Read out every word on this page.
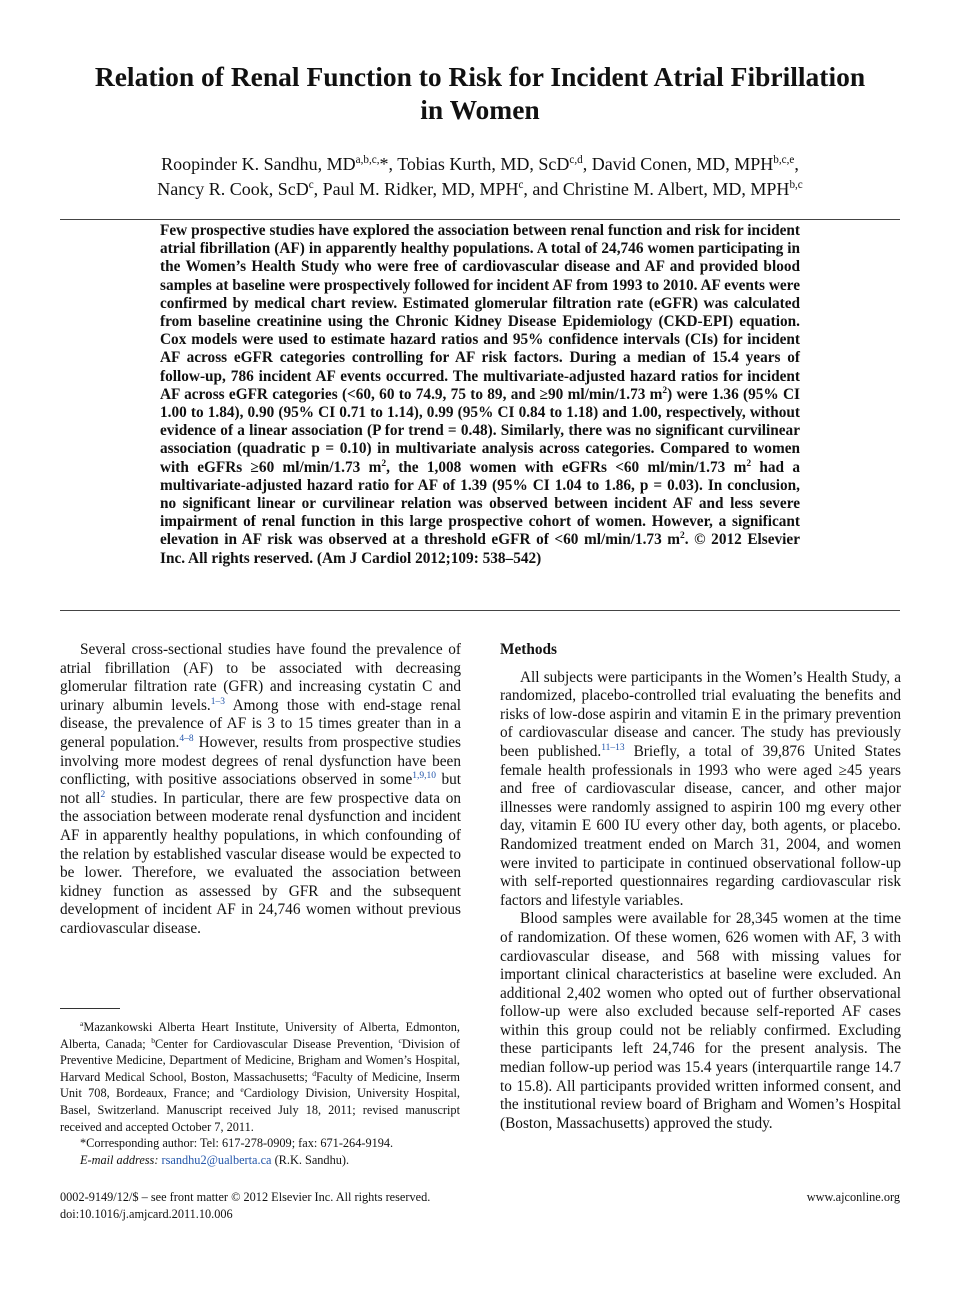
Relation of Renal Function to Risk for Incident Atrial Fibrillation
in Women
Roopinder K. Sandhu, $MD^{a,b,c,}*$, Tobias Kurth, MD, ScD$^{c,d}$, David Conen, MD, MPH$^{b,c,e}$,
Nancy R. Cook, ScD$^c$, Paul M. Ridker, MD, MPH$^c$, and Christine M. Albert, MD, MPH$^{b,c}$
Few prospective studies have explored the association between renal function and risk for incident atrial fibrillation (AF) in apparently healthy populations. A total of 24,746 women participating in the Women’s Health Study who were free of cardiovascular disease and AF and provided blood samples at baseline were prospectively followed for incident AF from 1993 to 2010. AF events were confirmed by medical chart review. Estimated glomerular filtration rate (eGFR) was calculated from baseline creatinine using the Chronic Kidney Disease Epidemiology (CKD-EPI) equation. Cox models were used to estimate hazard ratios and 95% confidence intervals (CIs) for incident AF across eGFR categories controlling for AF risk factors. During a median of 15.4 years of follow-up, 786 incident AF events occurred. The multivariate-adjusted hazard ratios for incident AF across eGFR categories (<60, 60 to 74.9, 75 to 89, and ≥90 ml/min/1.73 $m^2$) were 1.36 (95% CI 1.00 to 1.84), 0.90 (95% CI 0.71 to 1.14), 0.99 (95% CI 0.84 to 1.18) and 1.00, respectively, without evidence of a linear association (P for trend = 0.48). Similarly, there was no significant curvilinear association (quadratic p = 0.10) in multivariate analysis across categories. Compared to women with eGFRs ≥60 ml/min/1.73 $m^2$, the 1,008 women with eGFRs <60 ml/min/1.73 $m^2$ had a multivariate-adjusted hazard ratio for AF of 1.39 (95% CI 1.04 to 1.86, p = 0.03). In conclusion, no significant linear or curvilinear relation was observed between incident AF and less severe impairment of renal function in this large prospective cohort of women. However, a significant elevation in AF risk was observed at a threshold eGFR of <60 ml/min/1.73 $m^2$. © 2012 Elsevier Inc. All rights reserved. (Am J Cardiol 2012;109: 538–542)

Several cross-sectional studies have found the prevalence of atrial fibrillation (AF) to be associated with decreasing glomerular filtration rate (GFR) and increasing cystatin C and urinary albumin levels.$^{1-3}$ Among those with end-stage renal disease, the prevalence of AF is 3 to 15 times greater than in a general population.$^{4-8}$ However, results from prospective studies involving more modest degrees of renal dysfunction have been conflicting, with positive associations observed in some$^{1,9,10}$ but not all$^2$ studies. In particular, there are few prospective data on the association between moderate renal dysfunction and incident AF in apparently healthy populations, in which confounding of the relation by established vascular disease would be expected to be lower. Therefore, we evaluated the association between kidney function as assessed by GFR and the subsequent development of incident AF in 24,746 women without previous cardiovascular disease.

$^a$Mazankowski Alberta Heart Institute, University of Alberta, Edmonton, Alberta, Canada; $^b$Center for Cardiovascular Disease Prevention, $^c$Division of Preventive Medicine, Department of Medicine, Brigham and Women’s Hospital, Harvard Medical School, Boston, Massachusetts; $^d$Faculty of Medicine, Inserm Unit 708, Bordeaux, France; and $^e$Cardiology Division, University Hospital, Basel, Switzerland. Manuscript received July 18, 2011; revised manuscript received and accepted October 7, 2011.

*Corresponding author: Tel: 617-278-0909; fax: 671-264-9194.

E-mail address: rsandhu2@ualberta.ca (R.K. Sandhu).

Methods

All subjects were participants in the Women’s Health Study, a randomized, placebo-controlled trial evaluating the benefits and risks of low-dose aspirin and vitamin E in the primary prevention of cardiovascular disease and cancer. The study has previously been published.$^{11-13}$ Briefly, a total of 39,876 United States female health professionals in 1993 who were aged ≥45 years and free of cardiovascular disease, cancer, and other major illnesses were randomly assigned to aspirin 100 mg every other day, vitamin E 600 IU every other day, both agents, or placebo. Randomized treatment ended on March 31, 2004, and women were invited to participate in continued observational follow-up with self-reported questionnaires regarding cardiovascular risk factors and lifestyle variables.

Blood samples were available for 28,345 women at the time of randomization. Of these women, 626 women with AF, 3 with cardiovascular disease, and 568 with missing values for important clinical characteristics at baseline were excluded. An additional 2,402 women who opted out of further observational follow-up were also excluded because self-reported AF cases within this group could not be reliably confirmed. Excluding these participants left 24,746 for the present analysis. The median follow-up period was 15.4 years (interquartile range 14.7 to 15.8). All participants provided written informed consent, and the institutional review board of Brigham and Women’s Hospital (Boston, Massachusetts) approved the study.

0002-9149/12/$ – see front matter © 2012 Elsevier Inc. All rights reserved.
doi:10.1016/j.amjcard.2011.10.006
www.ajconline.org
